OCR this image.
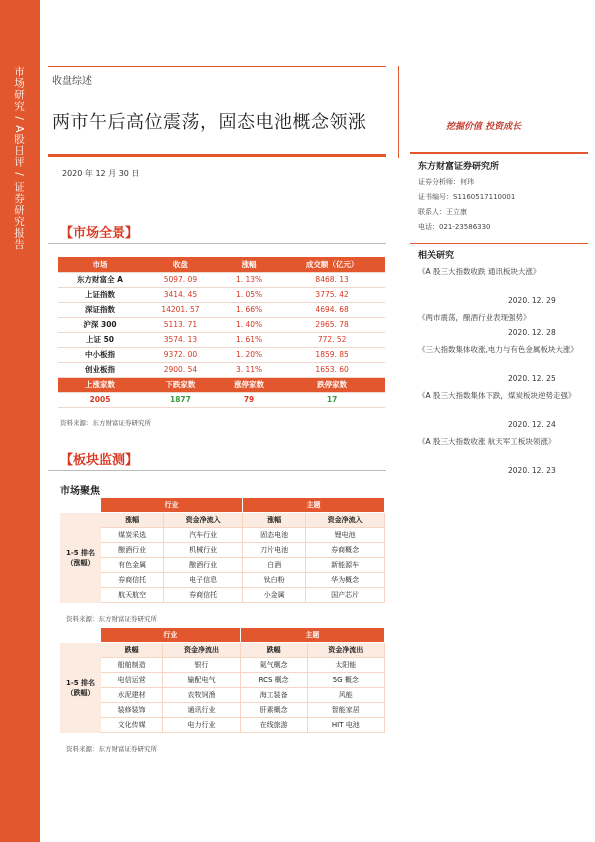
市场研究 / A股日评 / 证券研究报告	收盘综述
两市午后高位震荡，固态电池概念领涨
2020 年 12 月 30 日
挖掘价值 投资成长
东方财富证券研究所
证券分析师：何玮
证书编号：S1160517110001
联系人：王立康
电话：021-23586330
相关研究
《A 股三大指数收跌 通讯板块大涨》
2020. 12. 29
《两市震荡，酿酒行业表现强势》
2020. 12. 28
《三大指数集体收涨,电力与有色金属板块大涨》
2020. 12. 25
《A 股三大指数集体下跌，煤炭板块逆势走强》
2020. 12. 24
《A 股三大指数收涨 航天军工板块领涨》
2020. 12. 23
【市场全景】
市场	收盘	涨幅	成交额（亿元）
东方财富全 A	5097. 09	1. 13%	8468. 13
上证指数	3414. 45	1. 05%	3775. 42
深证指数	14201. 57	1. 66%	4694. 68
沪深 300	5113. 71	1. 40%	2965. 78
上证 50	3574. 13	1. 61%	772. 52
中小板指	9372. 00	1. 20%	1859. 85
创业板指	2900. 54	3. 11%	1653. 60
上涨家数	下跌家数	涨停家数	跌停家数
2005	1877	79	17
资料来源：东方财富证券研究所
【板块监测】
市场聚焦
	行业		主题	
1-5 排名（涨幅）	涨幅	资金净流入	涨幅	资金净流入
	煤炭采选	汽车行业	固态电池	锂电池
	酿酒行业	机械行业	刀片电池	券商概念
	有色金属	酿酒行业	白酒	新能源车
	券商信托	电子信息	钛白粉	华为概念
	航天航空	券商信托	小金属	国产芯片
资料来源：东方财富证券研究所
	行业		主题	
1-5 排名（跌幅）	跌幅	资金净流出	跌幅	资金净流出
	船舶制造	银行	氦气概念	太阳能
	电信运营	输配电气	RCS 概念	5G 概念
	水泥建材	农牧饲渔	海工装备	风能
	装修装饰	通讯行业	肝素概念	智能家居
	文化传媒	电力行业	在线旅游	HIT 电池
资料来源：东方财富证券研究所
